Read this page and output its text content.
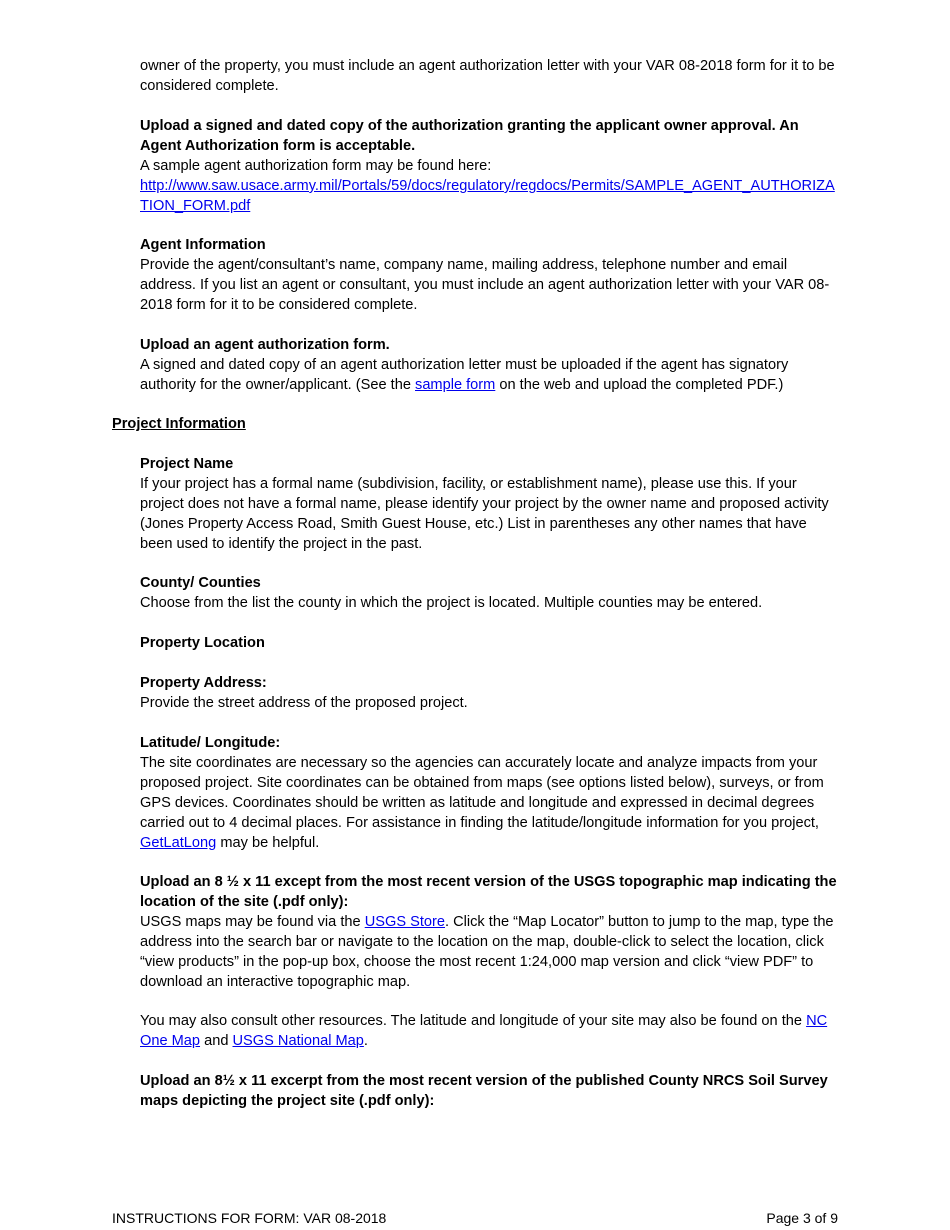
owner of the property, you must include an agent authorization letter with your VAR 08-2018 form for it to be considered complete.

Upload a signed and dated copy of the authorization granting the applicant owner approval. An Agent Authorization form is acceptable.

A sample agent authorization form may be found here:

http://www.saw.usace.army.mil/Portals/59/docs/regulatory/regdocs/Permits/SAMPLE_AGENT_AUTHORIZATION_FORM.pdf

Agent Information

Provide the agent/consultant’s name, company name, mailing address, telephone number and email address. If you list an agent or consultant, you must include an agent authorization letter with your VAR 08-2018 form for it to be considered complete.

Upload an agent authorization form.

A signed and dated copy of an agent authorization letter must be uploaded if the agent has signatory authority for the owner/applicant. (See the sample form on the web and upload the completed PDF.)

Project Information

Project Name

If your project has a formal name (subdivision, facility, or establishment name), please use this. If your project does not have a formal name, please identify your project by the owner name and proposed activity (Jones Property Access Road, Smith Guest House, etc.) List in parentheses any other names that have been used to identify the project in the past.

County/ Counties

Choose from the list the county in which the project is located. Multiple counties may be entered.

Property Location

Property Address:

Provide the street address of the proposed project.

Latitude/ Longitude:

The site coordinates are necessary so the agencies can accurately locate and analyze impacts from your proposed project. Site coordinates can be obtained from maps (see options listed below), surveys, or from GPS devices. Coordinates should be written as latitude and longitude and expressed in decimal degrees carried out to 4 decimal places. For assistance in finding the latitude/longitude information for you project, GetLatLong may be helpful.

Upload an 8 ½ x 11 except from the most recent version of the USGS topographic map indicating the location of the site (.pdf only):

USGS maps may be found via the USGS Store. Click the “Map Locator” button to jump to the map, type the address into the search bar or navigate to the location on the map, double-click to select the location, click “view products” in the pop-up box, choose the most recent 1:24,000 map version and click “view PDF” to download an interactive topographic map.

You may also consult other resources. The latitude and longitude of your site may also be found on the NC One Map and USGS National Map.

Upload an 8½ x 11 excerpt from the most recent version of the published County NRCS Soil Survey maps depicting the project site (.pdf only):

INSTRUCTIONS FOR FORM: VAR 08-2018	Page 3 of 9
